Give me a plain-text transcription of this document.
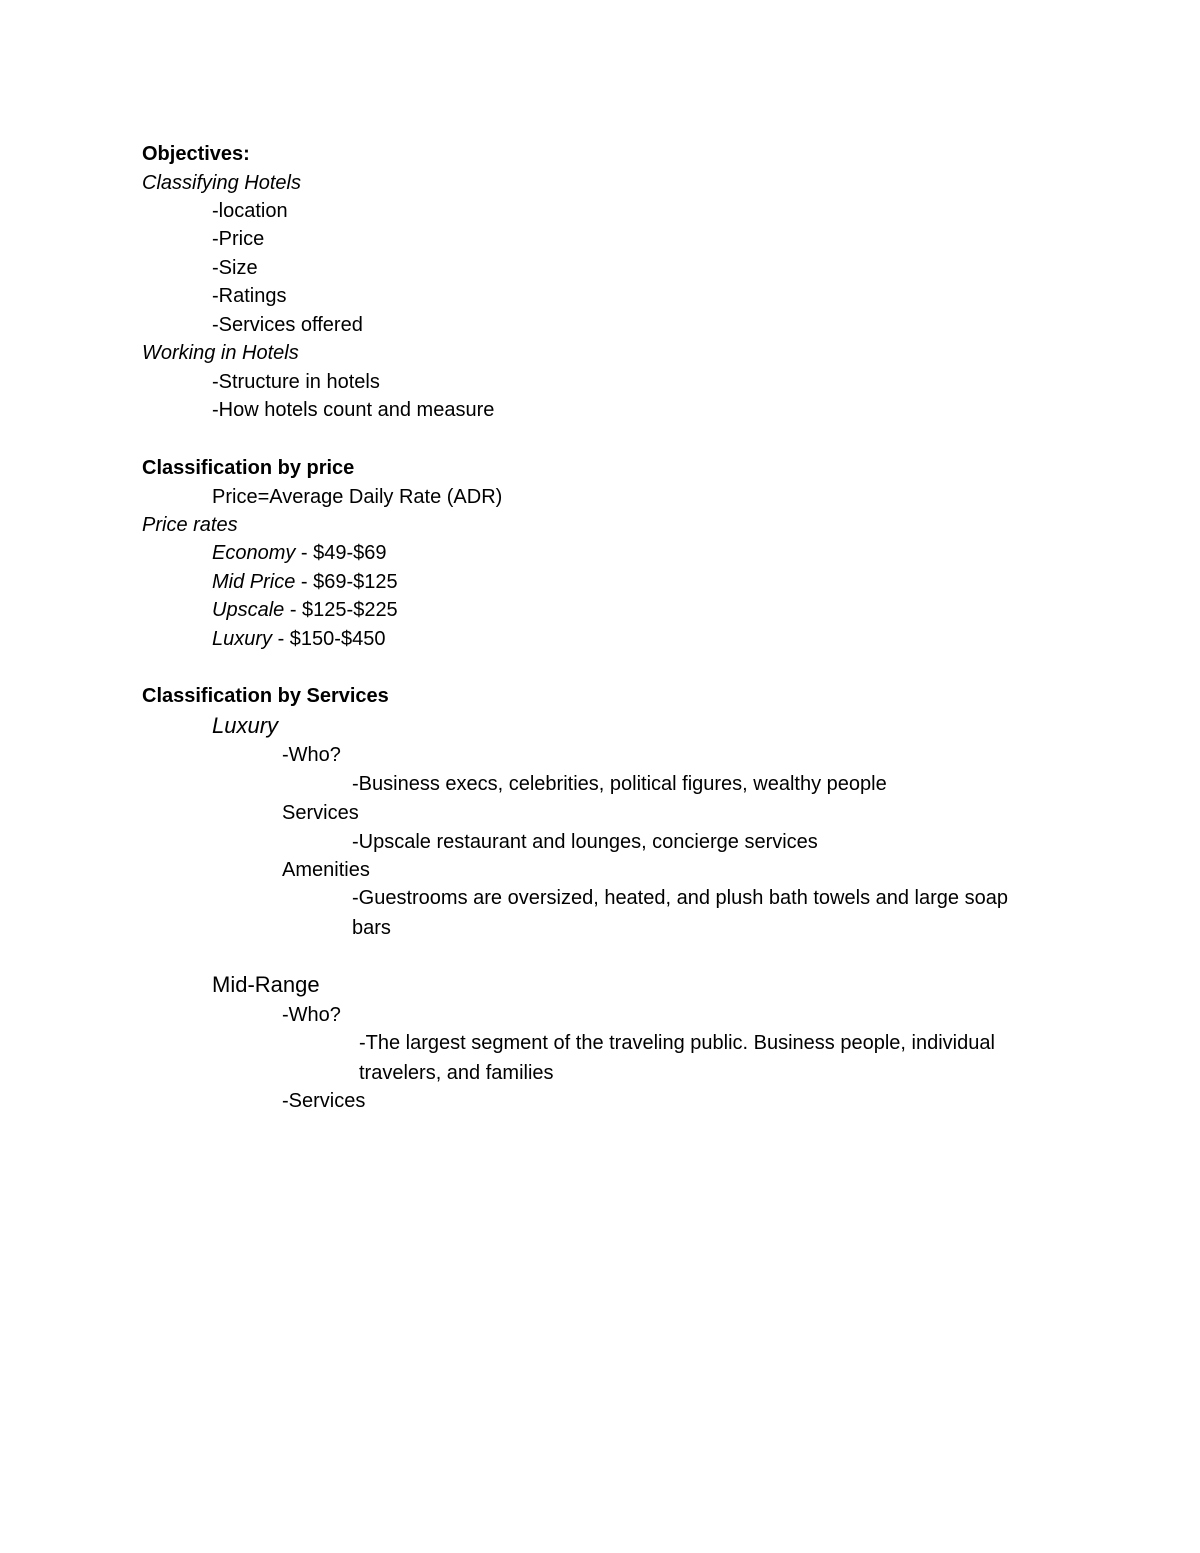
Objectives:
Classifying Hotels
-location
-Price
-Size
-Ratings
-Services offered
Working in Hotels
-Structure in hotels
-How hotels count and measure
Classification by price
Price=Average Daily Rate (ADR)
Price rates
Economy - $49-$69
Mid Price - $69-$125
Upscale - $125-$225
Luxury - $150-$450
Classification by Services
Luxury
-Who?
-Business execs, celebrities, political figures, wealthy people
Services
-Upscale restaurant and lounges, concierge services
Amenities
-Guestrooms are oversized, heated, and plush bath towels and large soap bars
Mid-Range
-Who?
-The largest segment of the traveling public. Business people, individual travelers, and families
-Services
